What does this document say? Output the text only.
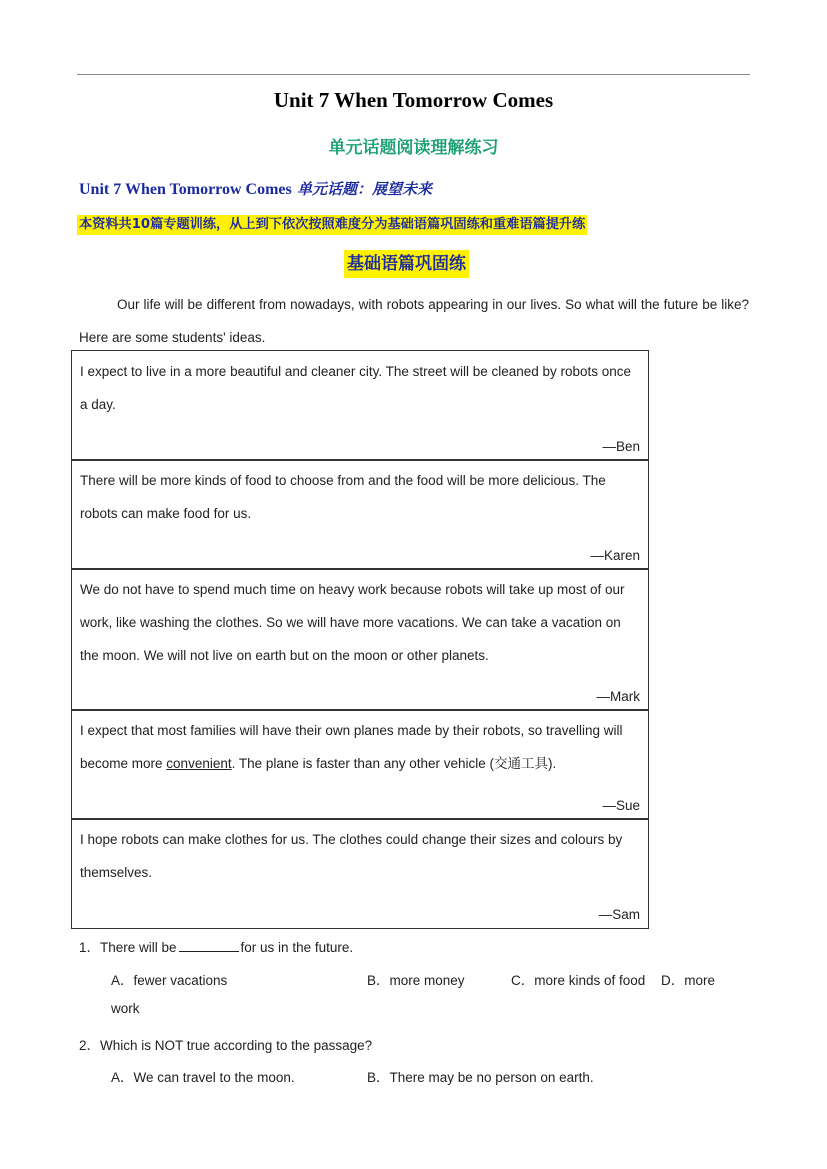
Unit 7 When Tomorrow Comes
单元话题阅读理解练习
Unit 7 When Tomorrow Comes 单元话题：展望未来
本资料共10篇专题训练，从上到下依次按照难度分为基础语篇巩固练和重难语篇提升练
基础语篇巩固练
Our life will be different from nowadays, with robots appearing in our lives. So what will the future be like? Here are some students' ideas.
I expect to live in a more beautiful and cleaner city. The street will be cleaned by robots once a day.
—Ben
There will be more kinds of food to choose from and the food will be more delicious. The robots can make food for us.
—Karen
We do not have to spend much time on heavy work because robots will take up most of our work, like washing the clothes. So we will have more vacations. We can take a vacation on the moon. We will not live on earth but on the moon or other planets.
—Mark
I expect that most families will have their own planes made by their robots, so travelling will become more convenient. The plane is faster than any other vehicle (交通工具).
—Sue
I hope robots can make clothes for us. The clothes could change their sizes and colours by themselves.
—Sam
1．There will be	for us in the future.
A．fewer vacations	B．more money	C．more kinds of food D．more
work
2．Which is NOT true according to the passage?
A．We can travel to the moon.	B．There may be no person on earth.
